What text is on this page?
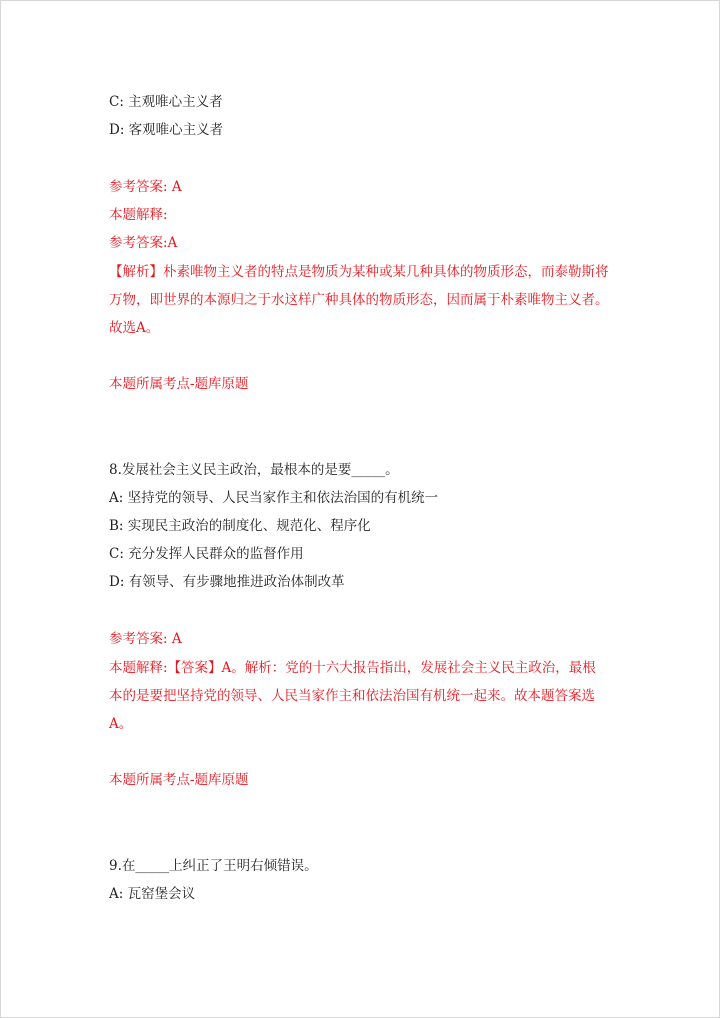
C: 主观唯心主义者
D: 客观唯心主义者
参考答案: A
本题解释:
参考答案:A
【解析】朴素唯物主义者的特点是物质为某种或某几种具体的物质形态，而泰勒斯将万物，即世界的本源归之于水这样广种具体的物质形态，因而属于朴素唯物主义者。故选A。
本题所属考点-题库原题
8.发展社会主义民主政治，最根本的是要_____。
A: 坚持党的领导、人民当家作主和依法治国的有机统一
B: 实现民主政治的制度化、规范化、程序化
C: 充分发挥人民群众的监督作用
D: 有领导、有步骤地推进政治体制改革
参考答案: A
本题解释:【答案】A。解析：党的十六大报告指出，发展社会主义民主政治，最根本的是要把坚持党的领导、人民当家作主和依法治国有机统一起来。故本题答案选A。
本题所属考点-题库原题
9.在_____上纠正了王明右倾错误。
A: 瓦窑堡会议
